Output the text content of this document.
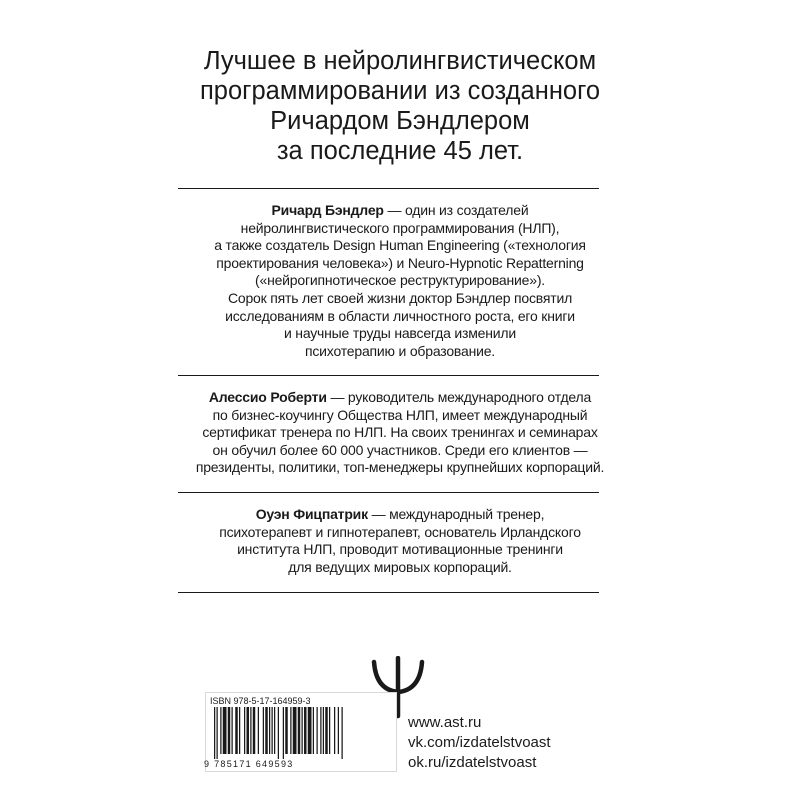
Лучшее в нейролингвистическом
программировании из созданного
Ричардом Бэндлером
за последние 45 лет.
Ричард Бэндлер — один из создателей
нейролингвистического программирования (НЛП),
а также создатель Design Human Engineering («технология
проектирования человека») и Neuro-Hypnotic Repatterning
(«нейрогипнотическое реструктурирование»).
Сорок пять лет своей жизни доктор Бэндлер посвятил
исследованиям в области личностного роста, его книги
и научные труды навсегда изменили
психотерапию и образование.
Алессио Роберти — руководитель международного отдела
по бизнес-коучингу Общества НЛП, имеет международный
сертификат тренера по НЛП. На своих тренингах и семинарах
он обучил более 60 000 участников. Среди его клиентов —
президенты, политики, топ-менеджеры крупнейших корпораций.
Оуэн Фицпатрик — международный тренер,
психотерапевт и гипнотерапевт, основатель Ирландского
института НЛП, проводит мотивационные тренинги
для ведущих мировых корпораций.
ISBN 978-5-17-164959-3
9 785171 649593
www.ast.ru
vk.com/izdatelstvoast
ok.ru/izdatelstvoast
